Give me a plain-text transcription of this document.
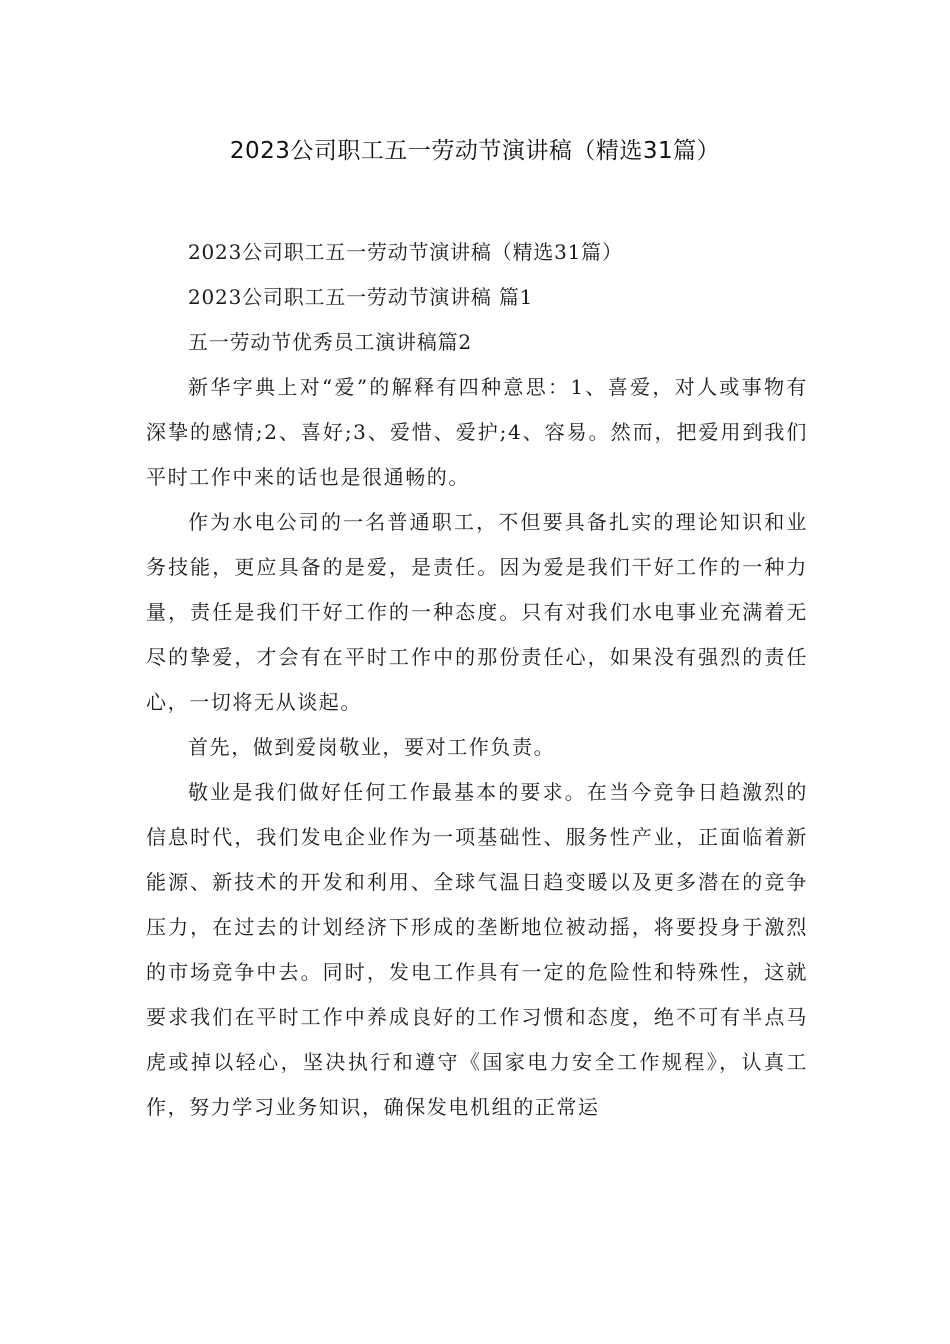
2023公司职工五一劳动节演讲稿（精选31篇）

2023公司职工五一劳动节演讲稿（精选31篇）

2023公司职工五一劳动节演讲稿 篇1

五一劳动节优秀员工演讲稿篇2

新华字典上对“爱”的解释有四种意思：1、喜爱，对人或事物有深挚的感情;2、喜好;3、爱惜、爱护;4、容易。然而，把爱用到我们平时工作中来的话也是很通畅的。

作为水电公司的一名普通职工，不但要具备扎实的理论知识和业务技能，更应具备的是爱，是责任。因为爱是我们干好工作的一种力量，责任是我们干好工作的一种态度。只有对我们水电事业充满着无尽的挚爱，才会有在平时工作中的那份责任心，如果没有强烈的责任心，一切将无从谈起。

首先，做到爱岗敬业，要对工作负责。

敬业是我们做好任何工作最基本的要求。在当今竞争日趋激烈的信息时代，我们发电企业作为一项基础性、服务性产业，正面临着新能源、新技术的开发和利用、全球气温日趋变暖以及更多潜在的竞争压力，在过去的计划经济下形成的垄断地位被动摇，将要投身于激烈的市场竞争中去。同时，发电工作具有一定的危险性和特殊性，这就要求我们在平时工作中养成良好的工作习惯和态度，绝不可有半点马虎或掉以轻心，坚决执行和遵守《国家电力安全工作规程》，认真工作，努力学习业务知识，确保发电机组的正常运
